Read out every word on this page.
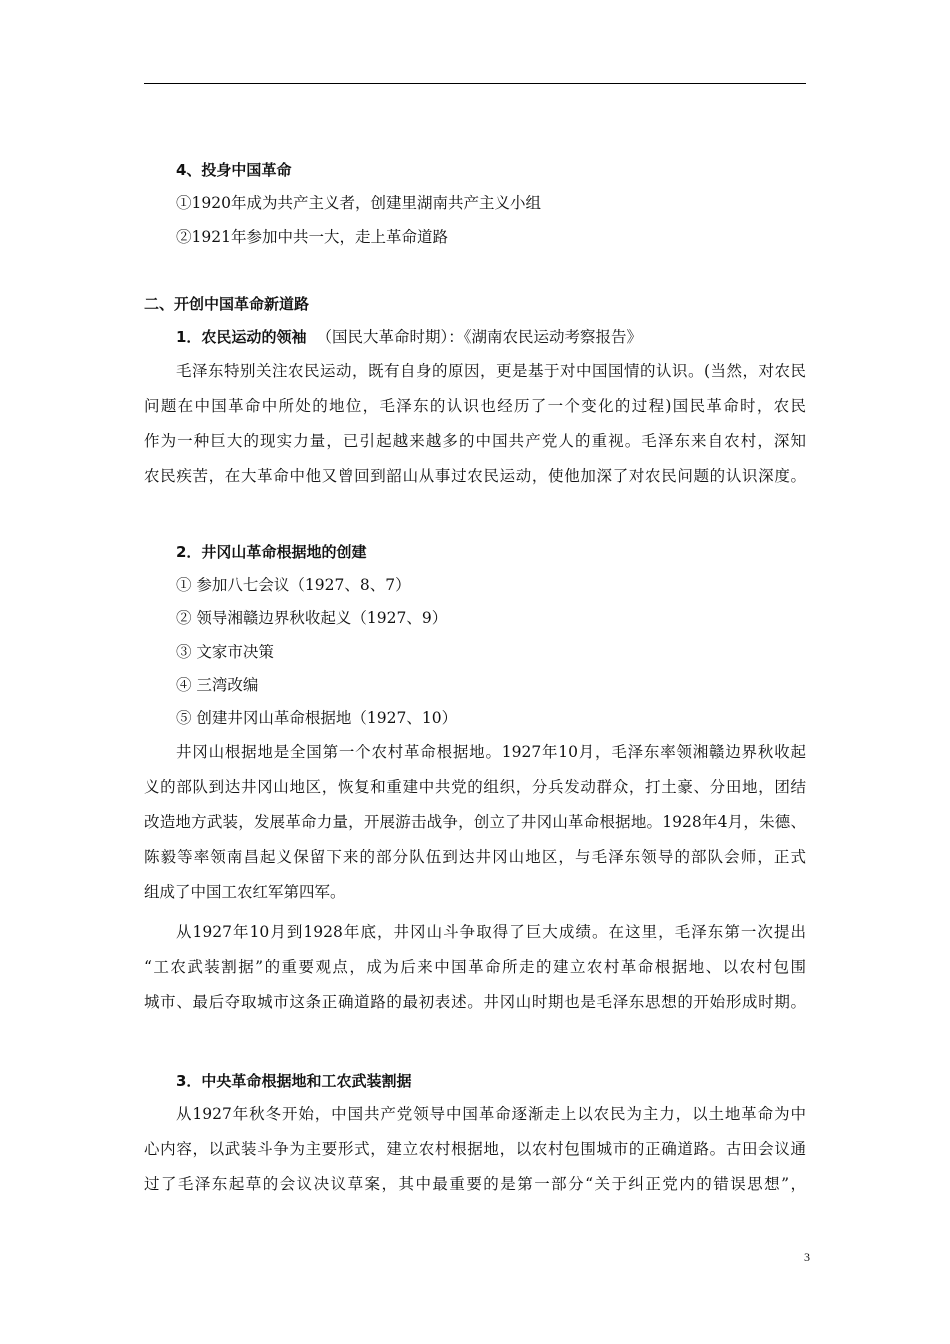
4、投身中国革命
①1920年成为共产主义者，创建里湖南共产主义小组
②1921年参加中共一大，走上革命道路
二、开创中国革命新道路
1．农民运动的领袖 （国民大革命时期）：《湖南农民运动考察报告》
毛泽东特别关注农民运动，既有自身的原因，更是基于对中国国情的认识。(当然，对农民
问题在中国革命中所处的地位，毛泽东的认识也经历了一个变化的过程)国民革命时，农民
作为一种巨大的现实力量，已引起越来越多的中国共产党人的重视。毛泽东来自农村，深知
农民疾苦，在大革命中他又曾回到韶山从事过农民运动，使他加深了对农民问题的认识深度。
2．井冈山革命根据地的创建
① 参加八七会议（1927、8、7）
② 领导湘赣边界秋收起义（1927、9）
③ 文家市决策
④ 三湾改编
⑤ 创建井冈山革命根据地（1927、10）
井冈山根据地是全国第一个农村革命根据地。1927年10月，毛泽东率领湘赣边界秋收起
义的部队到达井冈山地区，恢复和重建中共党的组织，分兵发动群众，打土豪、分田地，团结
改造地方武装，发展革命力量，开展游击战争，创立了井冈山革命根据地。1928年4月，朱德、
陈毅等率领南昌起义保留下来的部分队伍到达井冈山地区，与毛泽东领导的部队会师，正式
组成了中国工农红军第四军。
从1927年10月到1928年底，井冈山斗争取得了巨大成绩。在这里，毛泽东第一次提出
“工农武装割据”的重要观点，成为后来中国革命所走的建立农村革命根据地、以农村包围
城市、最后夺取城市这条正确道路的最初表述。井冈山时期也是毛泽东思想的开始形成时期。
3．中央革命根据地和工农武装割据
从1927年秋冬开始，中国共产党领导中国革命逐渐走上以农民为主力，以土地革命为中
心内容，以武装斗争为主要形式，建立农村根据地，以农村包围城市的正确道路。古田会议通
过了毛泽东起草的会议决议草案，其中最重要的是第一部分“关于纠正党内的错误思想”，
3
